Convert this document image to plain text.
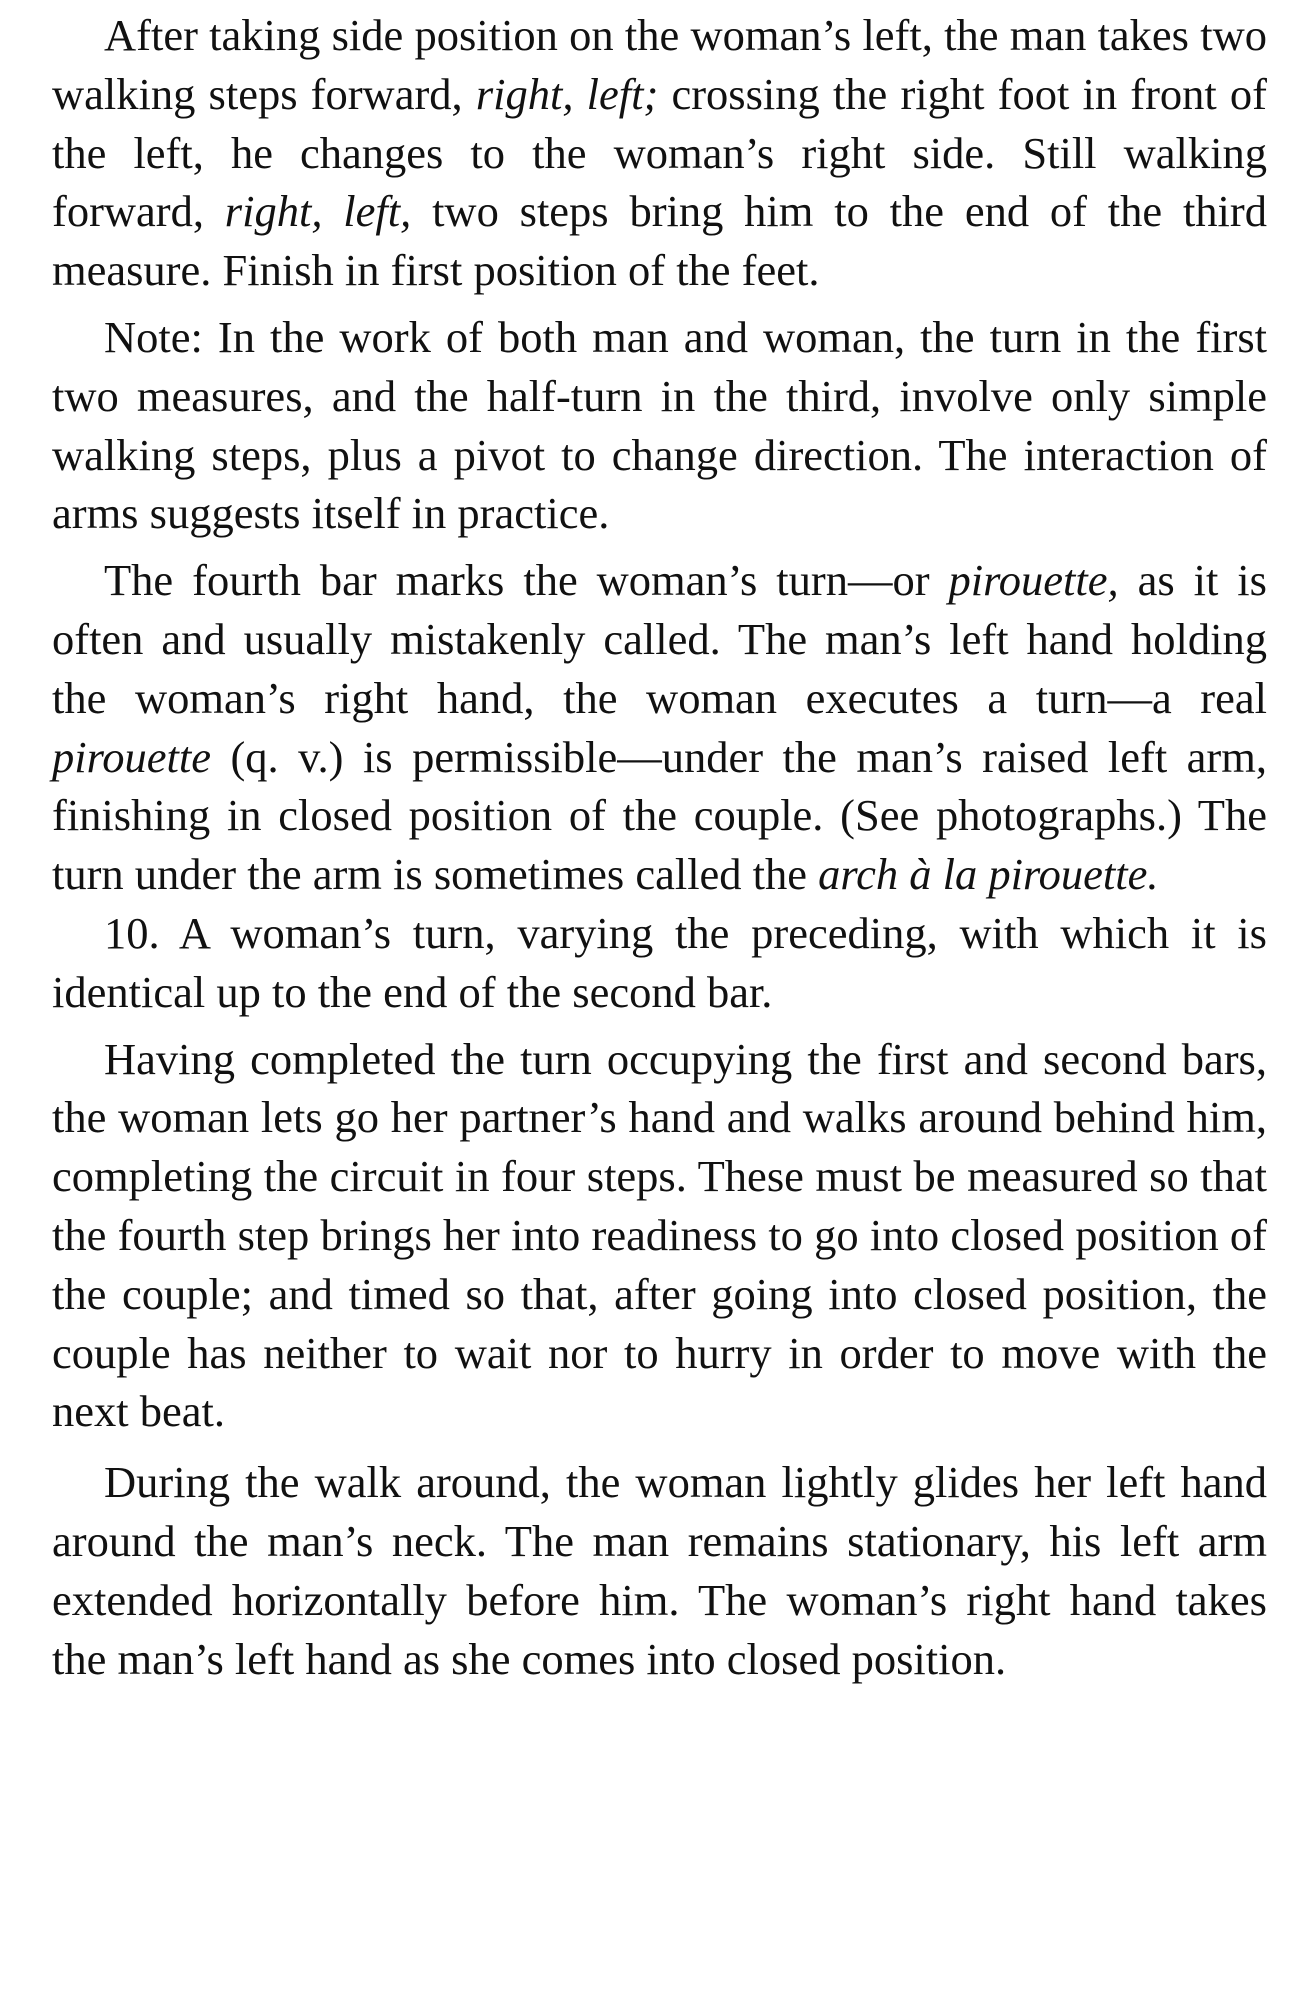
After taking side position on the woman’s left, the man takes two walking steps forward, right, left; crossing the right foot in front of the left, he changes to the woman’s right side. Still walking forward, right, left, two steps bring him to the end of the third measure. Finish in first position of the feet.

Note: In the work of both man and woman, the turn in the first two measures, and the half-turn in the third, involve only simple walking steps, plus a pivot to change direction. The interaction of arms suggests itself in practice.

The fourth bar marks the woman’s turn—or pirouette, as it is often and usually mistakenly called. The man’s left hand holding the woman’s right hand, the woman executes a turn—a real pirouette (q. v.) is permissible—under the man’s raised left arm, finishing in closed position of the couple. (See photographs.) The turn under the arm is sometimes called the arch à la pirouette.

10. A woman’s turn, varying the preceding, with which it is identical up to the end of the second bar.

Having completed the turn occupying the first and second bars, the woman lets go her partner’s hand and walks around behind him, completing the circuit in four steps. These must be measured so that the fourth step brings her into readiness to go into closed position of the couple; and timed so that, after going into closed position, the couple has neither to wait nor to hurry in order to move with the next beat.

During the walk around, the woman lightly glides her left hand around the man’s neck. The man remains stationary, his left arm extended horizontally before him. The woman’s right hand takes the man’s left hand as she comes into closed position.
